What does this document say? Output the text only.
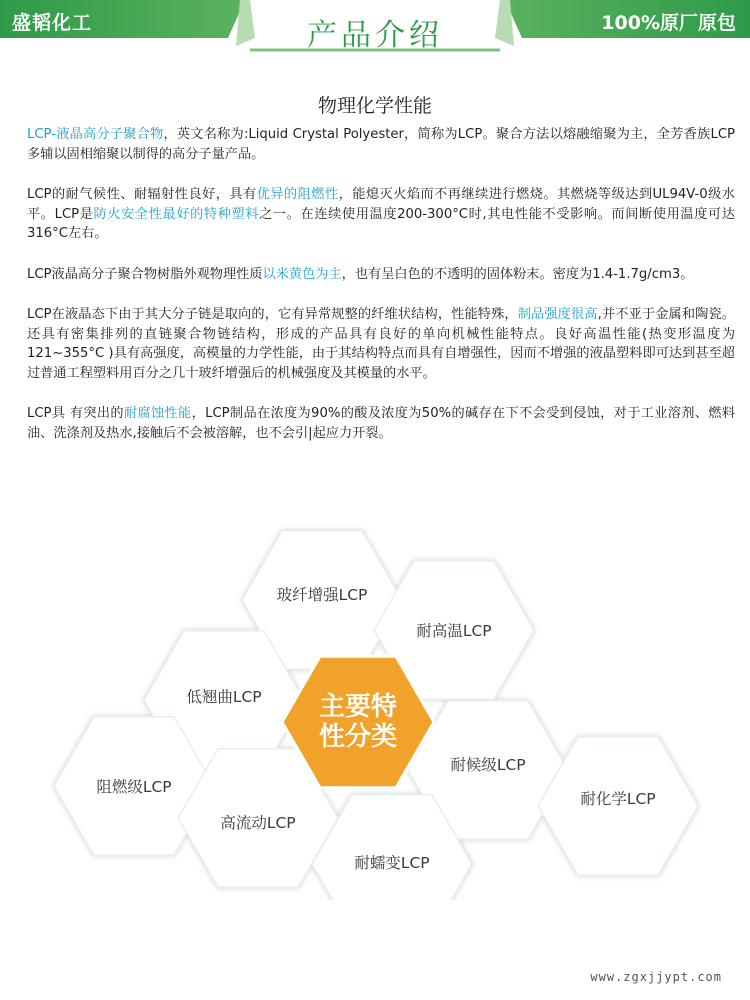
盛韬化工	产品介绍	100%原厂原包
物理化学性能

LCP-液晶高分子聚合物，英文名称为:Liquid Crystal Polyester，简称为LCP。聚合方法以熔融缩聚为主，全芳香族LCP多辅以固相缩聚以制得的高分子量产品。

LCP的耐气候性、耐辐射性良好，具有优异的阻燃性，能熄灭火焰而不再继续进行燃烧。其燃烧等级达到UL94V-0级水平。LCP是防火安全性最好的特种塑料之一。在连续使用温度200-300°C时,其电性能不受影响。而间断使用温度可达316°C左右。

LCP液晶高分子聚合物树脂外观物理性质以米黄色为主，也有呈白色的不透明的固体粉末。密度为1.4-1.7g/cm3。

LCP在液晶态下由于其大分子链是取向的，它有异常规整的纤维状结构，性能特殊，制品强度很高,并不亚于金属和陶瓷。还具有密集排列的直链聚合物链结构，形成的产品具有良好的单向机械性能特点。良好高温性能(热变形温度为121~355°C )具有高强度，高模量的力学性能，由于其结构特点而具有自增强性，因而不增强的液晶塑料即可达到甚至超过普通工程塑料用百分之几十玻纤增强后的机械强度及其模量的水平。

LCP具 有突出的耐腐蚀性能，LCP制品在浓度为90%的酸及浓度为50%的碱存在下不会受到侵蚀，对于工业溶剂、燃料油、洗涤剂及热水,接触后不会被溶解，也不会引|起应力开裂。

玻纤增强LCP
耐高温LCP
低翘曲LCP
耐候级LCP
阻燃级LCP
高流动LCP
耐化学LCP
耐蠕变LCP
主要特
性分类
www.zgxjjypt.com
